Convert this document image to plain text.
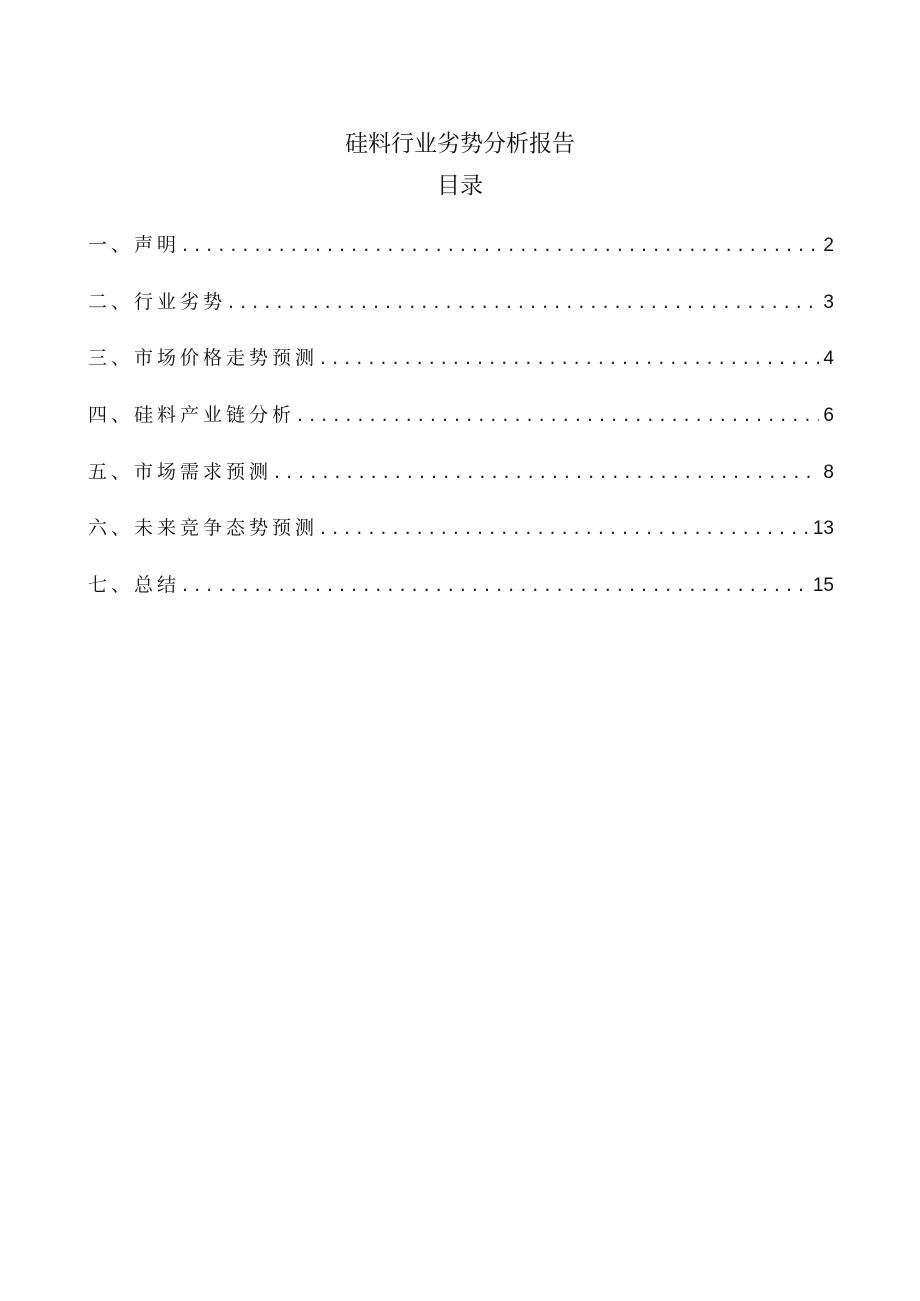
硅料行业劣势分析报告
目录
一、声明 . . .	2
二、行业劣势 . . .	3
三、市场价格走势预测 . . .	4
四、硅料产业链分析 . . .	6
五、市场需求预测 . . .	8
六、未来竞争态势预测 . . .	13
七、总结 . . .	15
